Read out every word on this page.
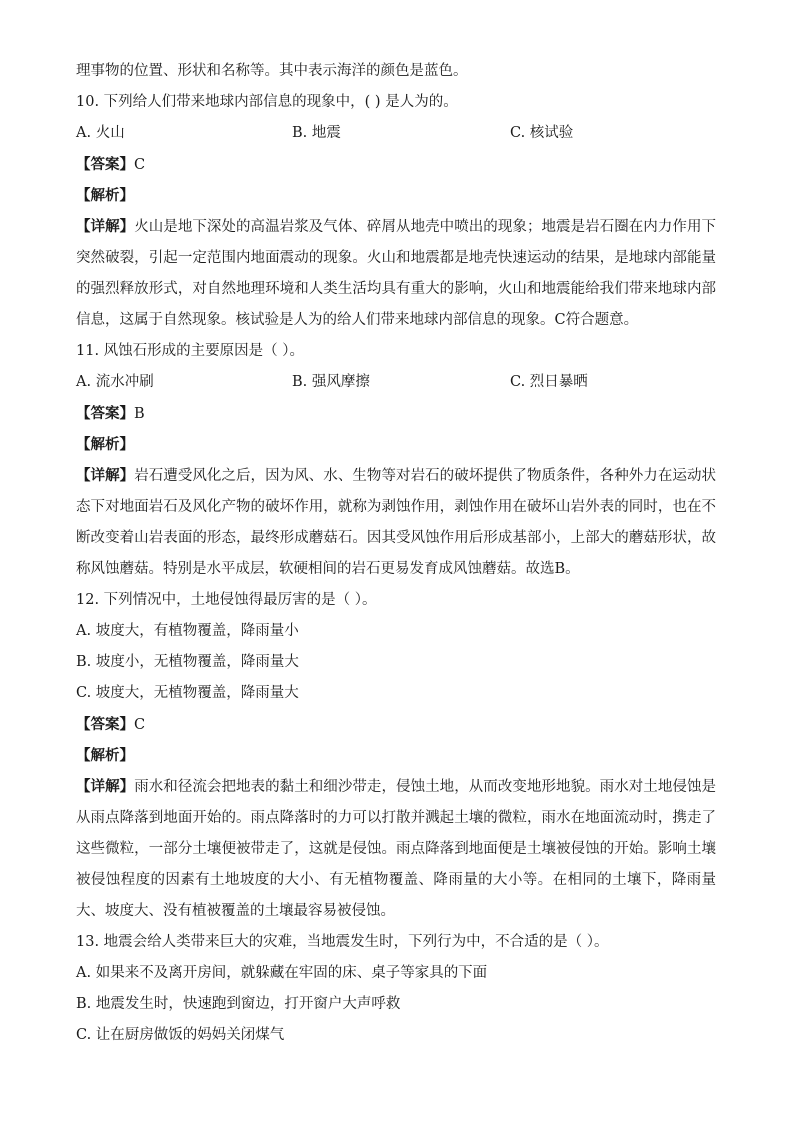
理事物的位置、形状和名称等。其中表示海洋的颜色是蓝色。
10. 下列给人们带来地球内部信息的现象中，( ) 是人为的。
A. 火山	B. 地震	C. 核试验
【答案】C
【解析】
【详解】火山是地下深处的高温岩浆及气体、碎屑从地壳中喷出的现象；地震是岩石圈在内力作用下突然破裂，引起一定范围内地面震动的现象。火山和地震都是地壳快速运动的结果，是地球内部能量的强烈释放形式，对自然地理环境和人类生活均具有重大的影响，火山和地震能给我们带来地球内部信息，这属于自然现象。核试验是人为的给人们带来地球内部信息的现象。C符合题意。
11. 风蚀石形成的主要原因是（ ）。
A. 流水冲刷	B. 强风摩擦	C. 烈日暴晒
【答案】B
【解析】
【详解】岩石遭受风化之后，因为风、水、生物等对岩石的破坏提供了物质条件，各种外力在运动状态下对地面岩石及风化产物的破坏作用，就称为剥蚀作用，剥蚀作用在破坏山岩外表的同时，也在不断改变着山岩表面的形态，最终形成蘑菇石。因其受风蚀作用后形成基部小，上部大的蘑菇形状，故称风蚀蘑菇。特别是水平成层，软硬相间的岩石更易发育成风蚀蘑菇。故选B。
12. 下列情况中，土地侵蚀得最厉害的是（ ）。
A. 坡度大，有植物覆盖，降雨量小
B. 坡度小，无植物覆盖，降雨量大
C. 坡度大，无植物覆盖，降雨量大
【答案】C
【解析】
【详解】雨水和径流会把地表的黏土和细沙带走，侵蚀土地，从而改变地形地貌。雨水对土地侵蚀是从雨点降落到地面开始的。雨点降落时的力可以打散并溅起土壤的微粒，雨水在地面流动时，携走了这些微粒，一部分土壤便被带走了，这就是侵蚀。雨点降落到地面便是土壤被侵蚀的开始。影响土壤被侵蚀程度的因素有土地坡度的大小、有无植物覆盖、降雨量的大小等。在相同的土壤下，降雨量大、坡度大、没有植被覆盖的土壤最容易被侵蚀。
13. 地震会给人类带来巨大的灾难，当地震发生时，下列行为中，不合适的是（ ）。
A. 如果来不及离开房间，就躲藏在牢固的床、桌子等家具的下面
B. 地震发生时，快速跑到窗边，打开窗户大声呼救
C. 让在厨房做饭的妈妈关闭煤气
